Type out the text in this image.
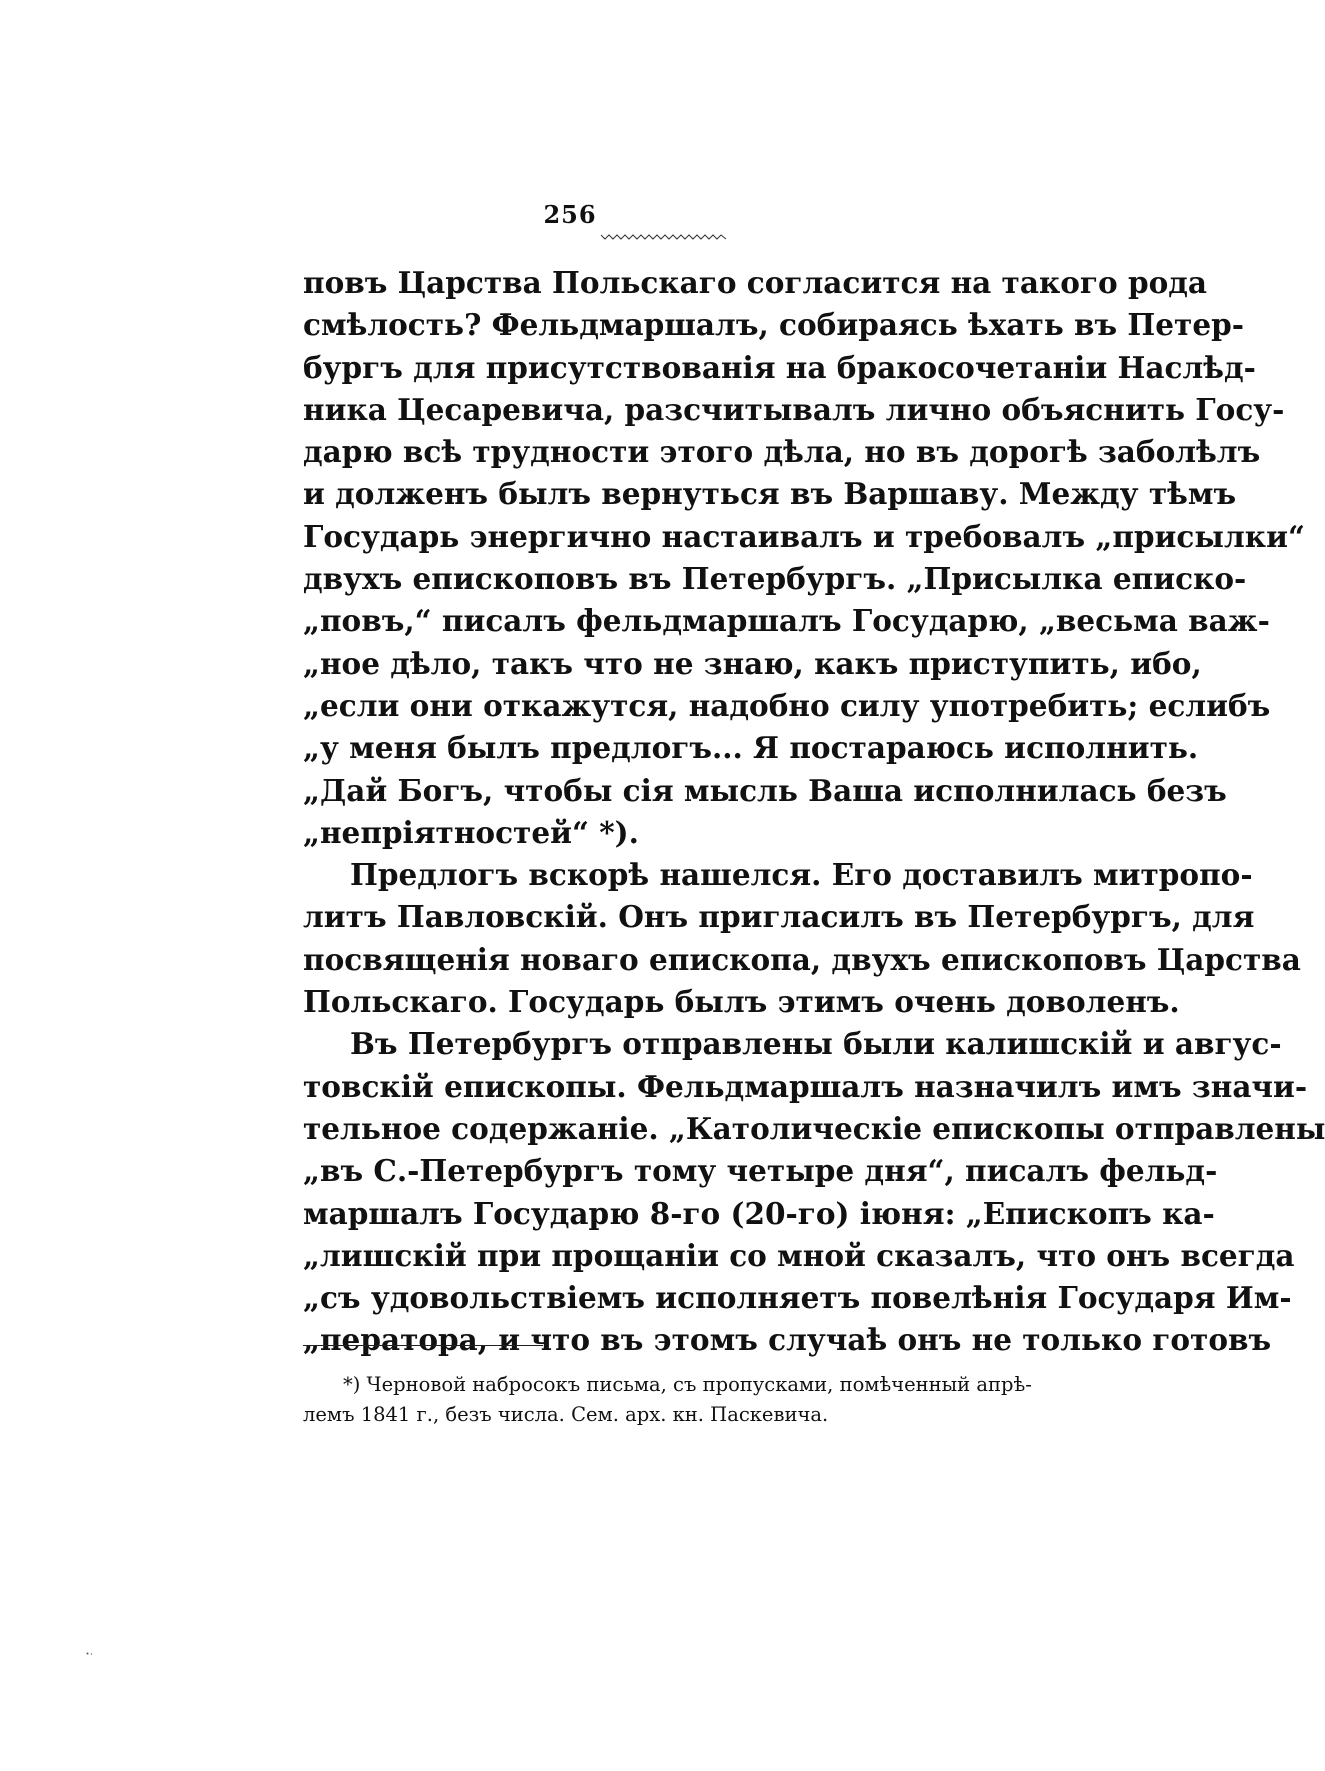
256
повъ Царства Польскаго согласится на такого рода
смѣлость? Фельдмаршалъ, собираясь ѣхать въ Петер-
бургъ для присутствованія на бракосочетаніи Наслѣд-
ника Цесаревича, разсчитывалъ лично объяснить Госу-
дарю всѣ трудности этого дѣла, но въ дорогѣ заболѣлъ
и долженъ былъ вернуться въ Варшаву. Между тѣмъ
Государь энергично настаивалъ и требовалъ „присылки“
двухъ епископовъ въ Петербургъ. „Присылка еписко-
„повъ,“ писалъ фельдмаршалъ Государю, „весьма важ-
„ное дѣло, такъ что не знаю, какъ приступить, ибо,
„если они откажутся, надобно силу употребить; еслибъ
„у меня былъ предлогъ... Я постараюсь исполнить.
„Дай Богъ, чтобы сія мысль Ваша исполнилась безъ
„непріятностей“ *).
Предлогъ вскорѣ нашелся. Его доставилъ митропо-
литъ Павловскій. Онъ пригласилъ въ Петербургъ, для
посвященія новаго епископа, двухъ епископовъ Царства
Польскаго. Государь былъ этимъ очень доволенъ.
Въ Петербургъ отправлены были калишскій и авгус-
товскій епископы. Фельдмаршалъ назначилъ имъ значи-
тельное содержаніе. „Католическіе епископы отправлены
„въ С.-Петербургъ тому четыре дня“, писалъ фельд-
маршалъ Государю 8-го (20-го) іюня: „Епископъ ка-
„лишскій при прощаніи со мной сказалъ, что онъ всегда
„съ удовольствіемъ исполняетъ повелѣнія Государя Им-
„ператора, и что въ этомъ случаѣ онъ не только готовъ
*) Черновой набросокъ письма, съ пропусками, помѣченный апрѣ-
лемъ 1841 г., безъ числа. Сем. арх. кн. Паскевича.
